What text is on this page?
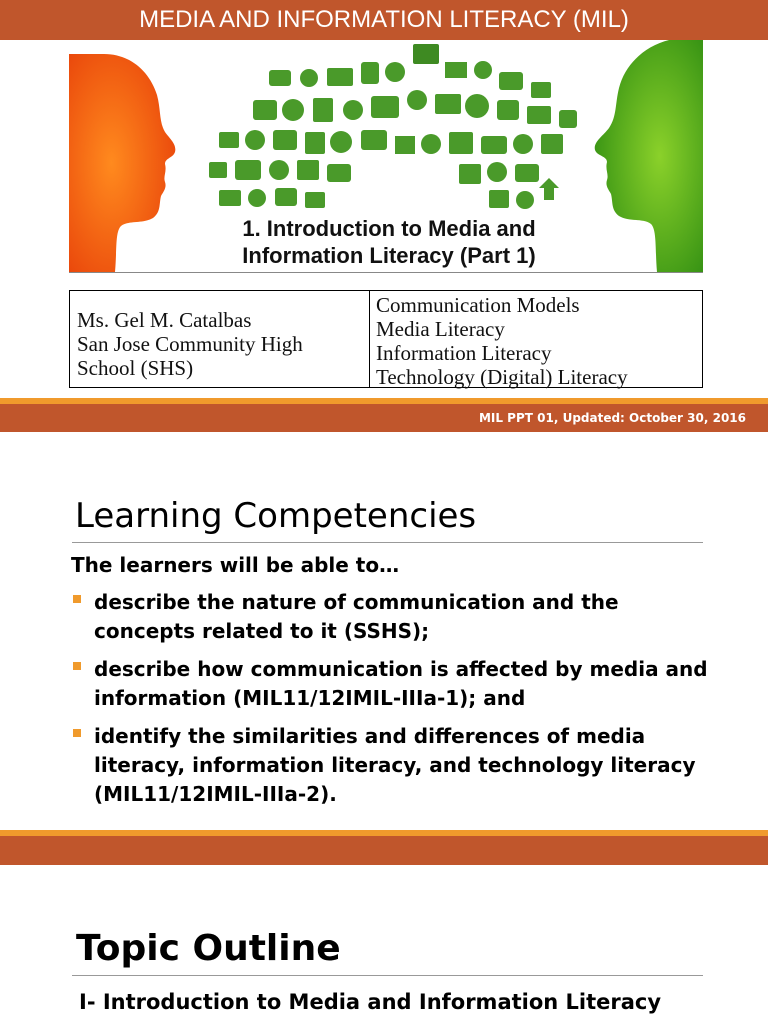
MEDIA AND INFORMATION LITERACY (MIL)
1. Introduction to Media and
Information Literacy (Part 1)
Ms. Gel M. Catalbas
San Jose Community High
School (SHS)
Communication Models
Media Literacy
Information Literacy
Technology (Digital) Literacy
MIL PPT 01, Updated: October 30, 2016
Learning Competencies
The learners will be able to…
describe the nature of communication and the
concepts related to it (SSHS);
describe how communication is affected by media and
information (MIL11/12IMIL-IIIa-1); and
identify the similarities and differences of media
literacy, information literacy, and technology literacy
(MIL11/12IMIL-IIIa-2).
Topic Outline
I- Introduction to Media and Information Literacy
